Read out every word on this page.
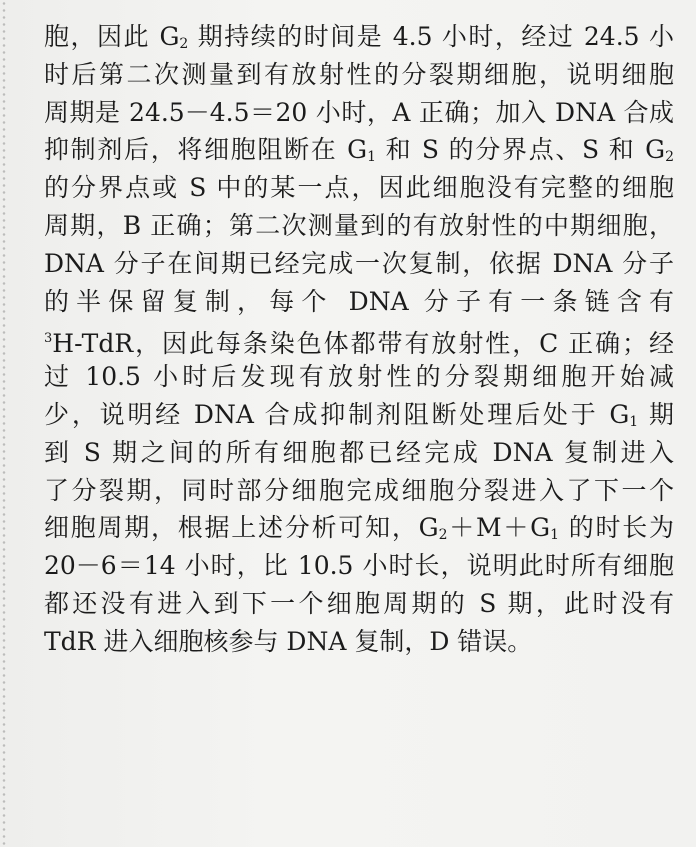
胞，因此 $G_2$ 期持续的时间是 4.5 小时，经过 24.5 小
时后第二次测量到有放射性的分裂期细胞，说明细胞
周期是 24.5－4.5＝20 小时，A 正确；加入 DNA 合成
抑制剂后，将细胞阻断在 $G_1$ 和 S 的分界点、S 和 $G_2$
的分界点或 S 中的某一点，因此细胞没有完整的细胞
周期，B 正确；第二次测量到的有放射性的中期细胞，
DNA 分子在间期已经完成一次复制，依据 DNA 分子
的半保留复制，每个 DNA 分子有一条链含有
$^3$H-TdR，因此每条染色体都带有放射性，C 正确；经
过 10.5 小时后发现有放射性的分裂期细胞开始减
少，说明经 DNA 合成抑制剂阻断处理后处于 $G_1$ 期
到 S 期之间的所有细胞都已经完成 DNA 复制进入
了分裂期，同时部分细胞完成细胞分裂进入了下一个
细胞周期，根据上述分析可知，$G_2+M+G_1$ 的时长为
20－6＝14 小时，比 10.5 小时长，说明此时所有细胞
都还没有进入到下一个细胞周期的 S 期，此时没有
TdR 进入细胞核参与 DNA 复制，D 错误。
